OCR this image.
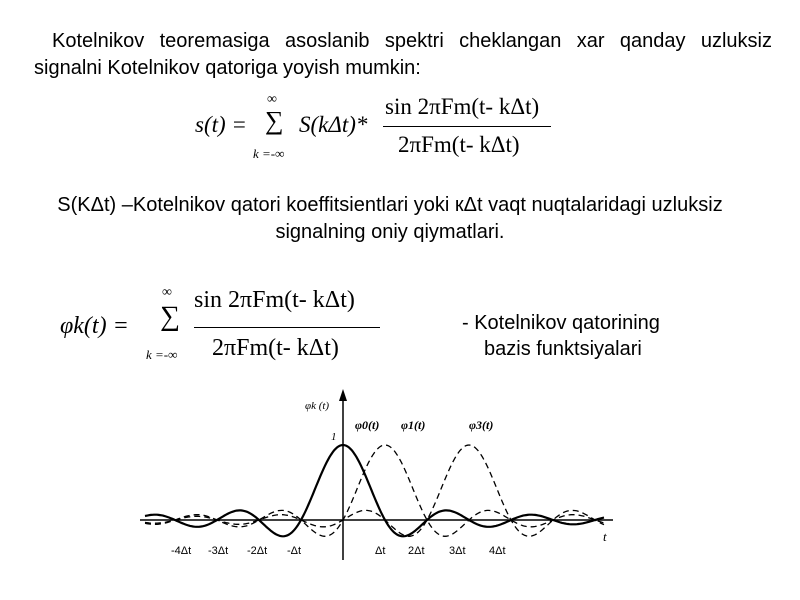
Kotelnikov teoremasiga asoslanib spektri cheklangan xar qanday uzluksiz signalni Kotelnikov qatoriga yoyish mumkin:
s(t) =
∞
∑
k =-∞
S(kΔt)*
sin 2πFm(t- kΔt)
2πFm(t- kΔt)
S(KΔt) –Kotelnikov qatori koeffitsientlari yoki кΔt vaqt nuqtalaridagi uzluksiz signalning oniy qiymatlari.
φk(t) =
∞
∑
k =-∞
sin 2πFm(t- kΔt)
2πFm(t- kΔt)
- Kotelnikov qatorining
bazis funktsiyalari
φk (t)
1
t
φ0(t) φ1(t)	φ3(t)
-4Δt -3Δt -2Δt -Δt	Δt 2Δt 3Δt 4Δt
